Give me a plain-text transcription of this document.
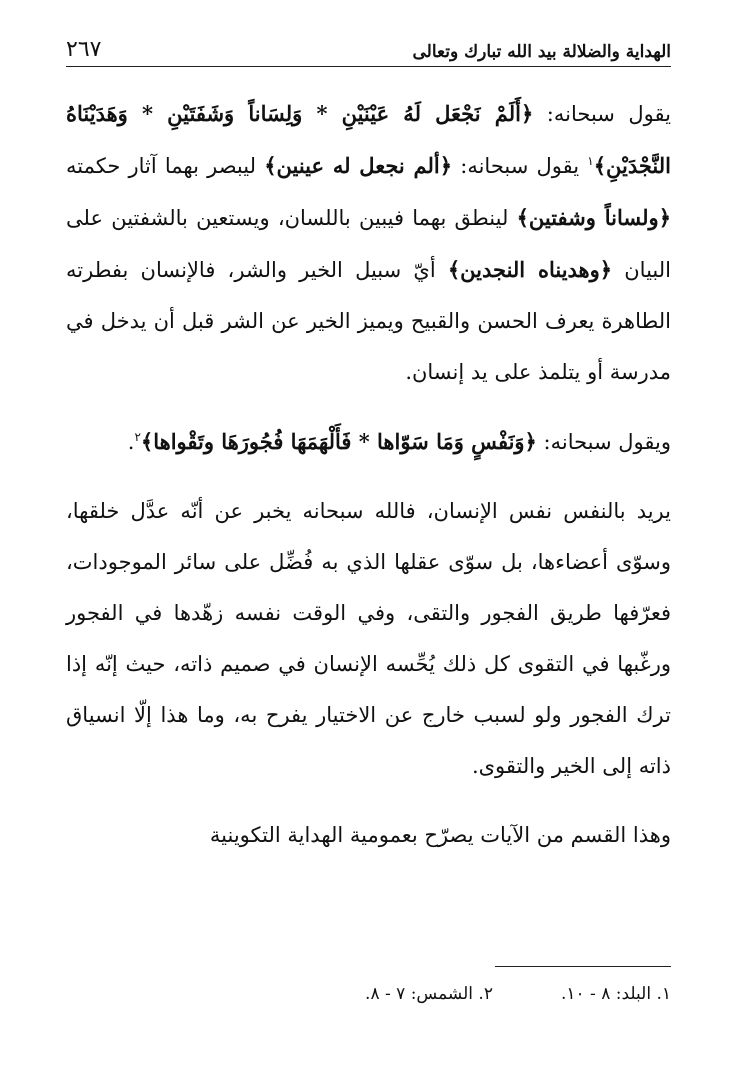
الهداية والضلالة بيد الله تبارك وتعالى
٢٦٧

يقول سبحانه: ﴿أَلَمْ نَجْعَل لَهُ عَيْنَيْنِ * وَلِسَاناً وَشَفَتَيْنِ * وَهَدَيْنَاهُ النَّجْدَيْنِ﴾$^١$ يقول سبحانه: ﴿ألم نجعل له عينين﴾ ليبصر بهما آثار حكمته ﴿ولساناً وشفتين﴾ لينطق بهما فيبين باللسان، ويستعين بالشفتين على البيان ﴿وهديناه النجدين﴾ أيّ سبيل الخير والشر، فالإنسان بفطرته الطاهرة يعرف الحسن والقبيح ويميز الخير عن الشر قبل أن يدخل في مدرسة أو يتلمذ على يد إنسان.

ويقول سبحانه: ﴿وَنَفْسٍ وَمَا سَوّاها * فَأَلْهَمَهَا فُجُورَهَا وتَقْواها﴾$^٢$.

يريد بالنفس نفس الإنسان، فالله سبحانه يخبر عن أنّه عدَّل خلقها، وسوّى أعضاءها، بل سوّى عقلها الذي به فُضِّل على سائر الموجودات، فعرّفها طريق الفجور والتقى، وفي الوقت نفسه زهّدها في الفجور ورغّبها في التقوى كل ذلك يُحِّسه الإنسان في صميم ذاته، حيث إنّه إذا ترك الفجور ولو لسبب خارج عن الاختيار يفرح به، وما هذا إلّا انسياق ذاته إلى الخير والتقوى.

وهذا القسم من الآيات يصرّح بعمومية الهداية التكوينية

١. البلد: ٨ - ١٠.
٢. الشمس: ٧ - ٨.
